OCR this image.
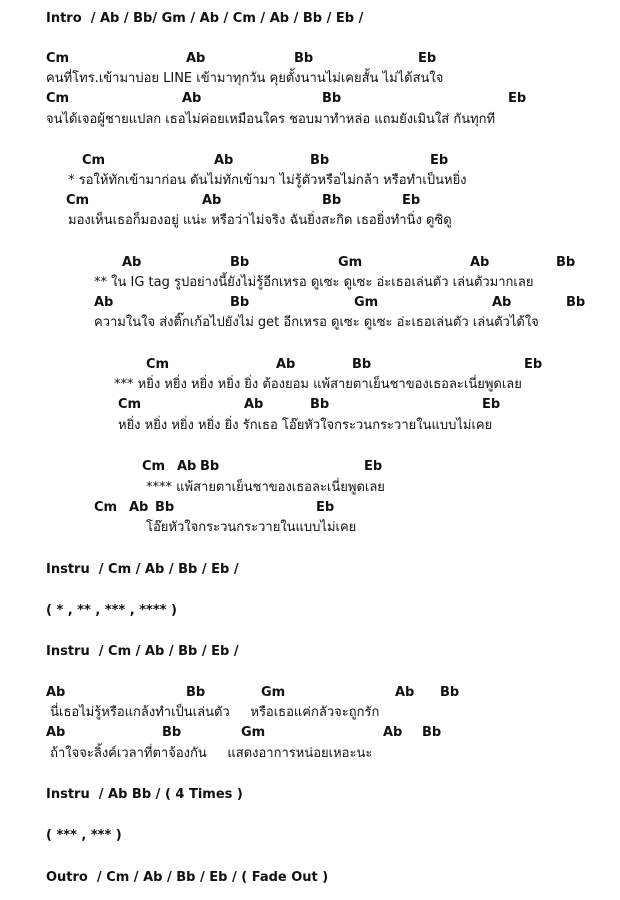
Intro  / Ab / Bb/ Gm / Ab / Cm / Ab / Bb / Eb /
Cm	Ab	Bb	Eb
คนที่โทร.เข้ามาบ่อย LINE เข้ามาทุกวัน คุยตั้งนานไม่เคยสั้น ไม่ได้สนใจ
Cm	Ab	Bb	Eb
จนได้เจอผู้ชายแปลก เธอไม่ค่อยเหมือนใคร ชอบมาทำหล่อ แถมยังเมินใส่ กันทุกที
Cm	Ab	Bb	Eb
* รอให้ทักเข้ามาก่อน ดันไม่ทักเข้ามา ไม่รู้ตัวหรือไม่กล้า หรือทำเป็นหยิ่ง
Cm	Ab	Bb	Eb
มองเห็นเธอก็มองอยู่ แน่ะ หรือว่าไม่จริง ฉันยิ่งสะกิด เธอยิ่งทำนิ่ง ดูซิดู
Ab	Bb	Gm	Ab	Bb
** ใน IG tag รูปอย่างนี้ยังไม่รู้อีกเหรอ ดูเซะ ดูเซะ อ่ะเธอเล่นตัว เล่นตัวมากเลย
Ab	Bb	Gm	Ab	Bb
ความในใจ ส่งติ๊กเก้อไปยังไม่ get อีกเหรอ ดูเซะ ดูเซะ อ่ะเธอเล่นตัว เล่นตัวได้ใจ
Cm	Ab	Bb	Eb
*** หยิ่ง หยิ่ง หยิ่ง หยิ่ง ยิ่ง ต้องยอม แพ้สายตาเย็นชาของเธอละเนี่ยพูดเลย
Cm	Ab	Bb	Eb
หยิ่ง หยิ่ง หยิ่ง หยิ่ง ยิ่ง รักเธอ โอ๊ยหัวใจกระวนกระวายในแบบไม่เคย
Cm Ab Bb	Eb
**** แพ้สายตาเย็นชาของเธอละเนี่ยพูดเลย
Cm Ab Bb	Eb
โอ๊ยหัวใจกระวนกระวายในแบบไม่เคย
Instru  / Cm / Ab / Bb / Eb /
( * , ** , *** , **** )
Instru  / Cm / Ab / Bb / Eb /
Ab	Bb	Gm	Ab Bb
นี่เธอไม่รู้หรือแกล้งทำเป็นเล่นตัว     หรือเธอแค่กลัวจะถูกรัก
Ab	Bb	Gm	Ab Bb
ถ้าใจจะลิ้งค์เวลาที่ตาจ้องกัน     แสดงอาการหน่อยเหอะนะ
Instru  / Ab Bb / ( 4 Times )
( *** , *** )
Outro  / Cm / Ab / Bb / Eb / ( Fade Out )
